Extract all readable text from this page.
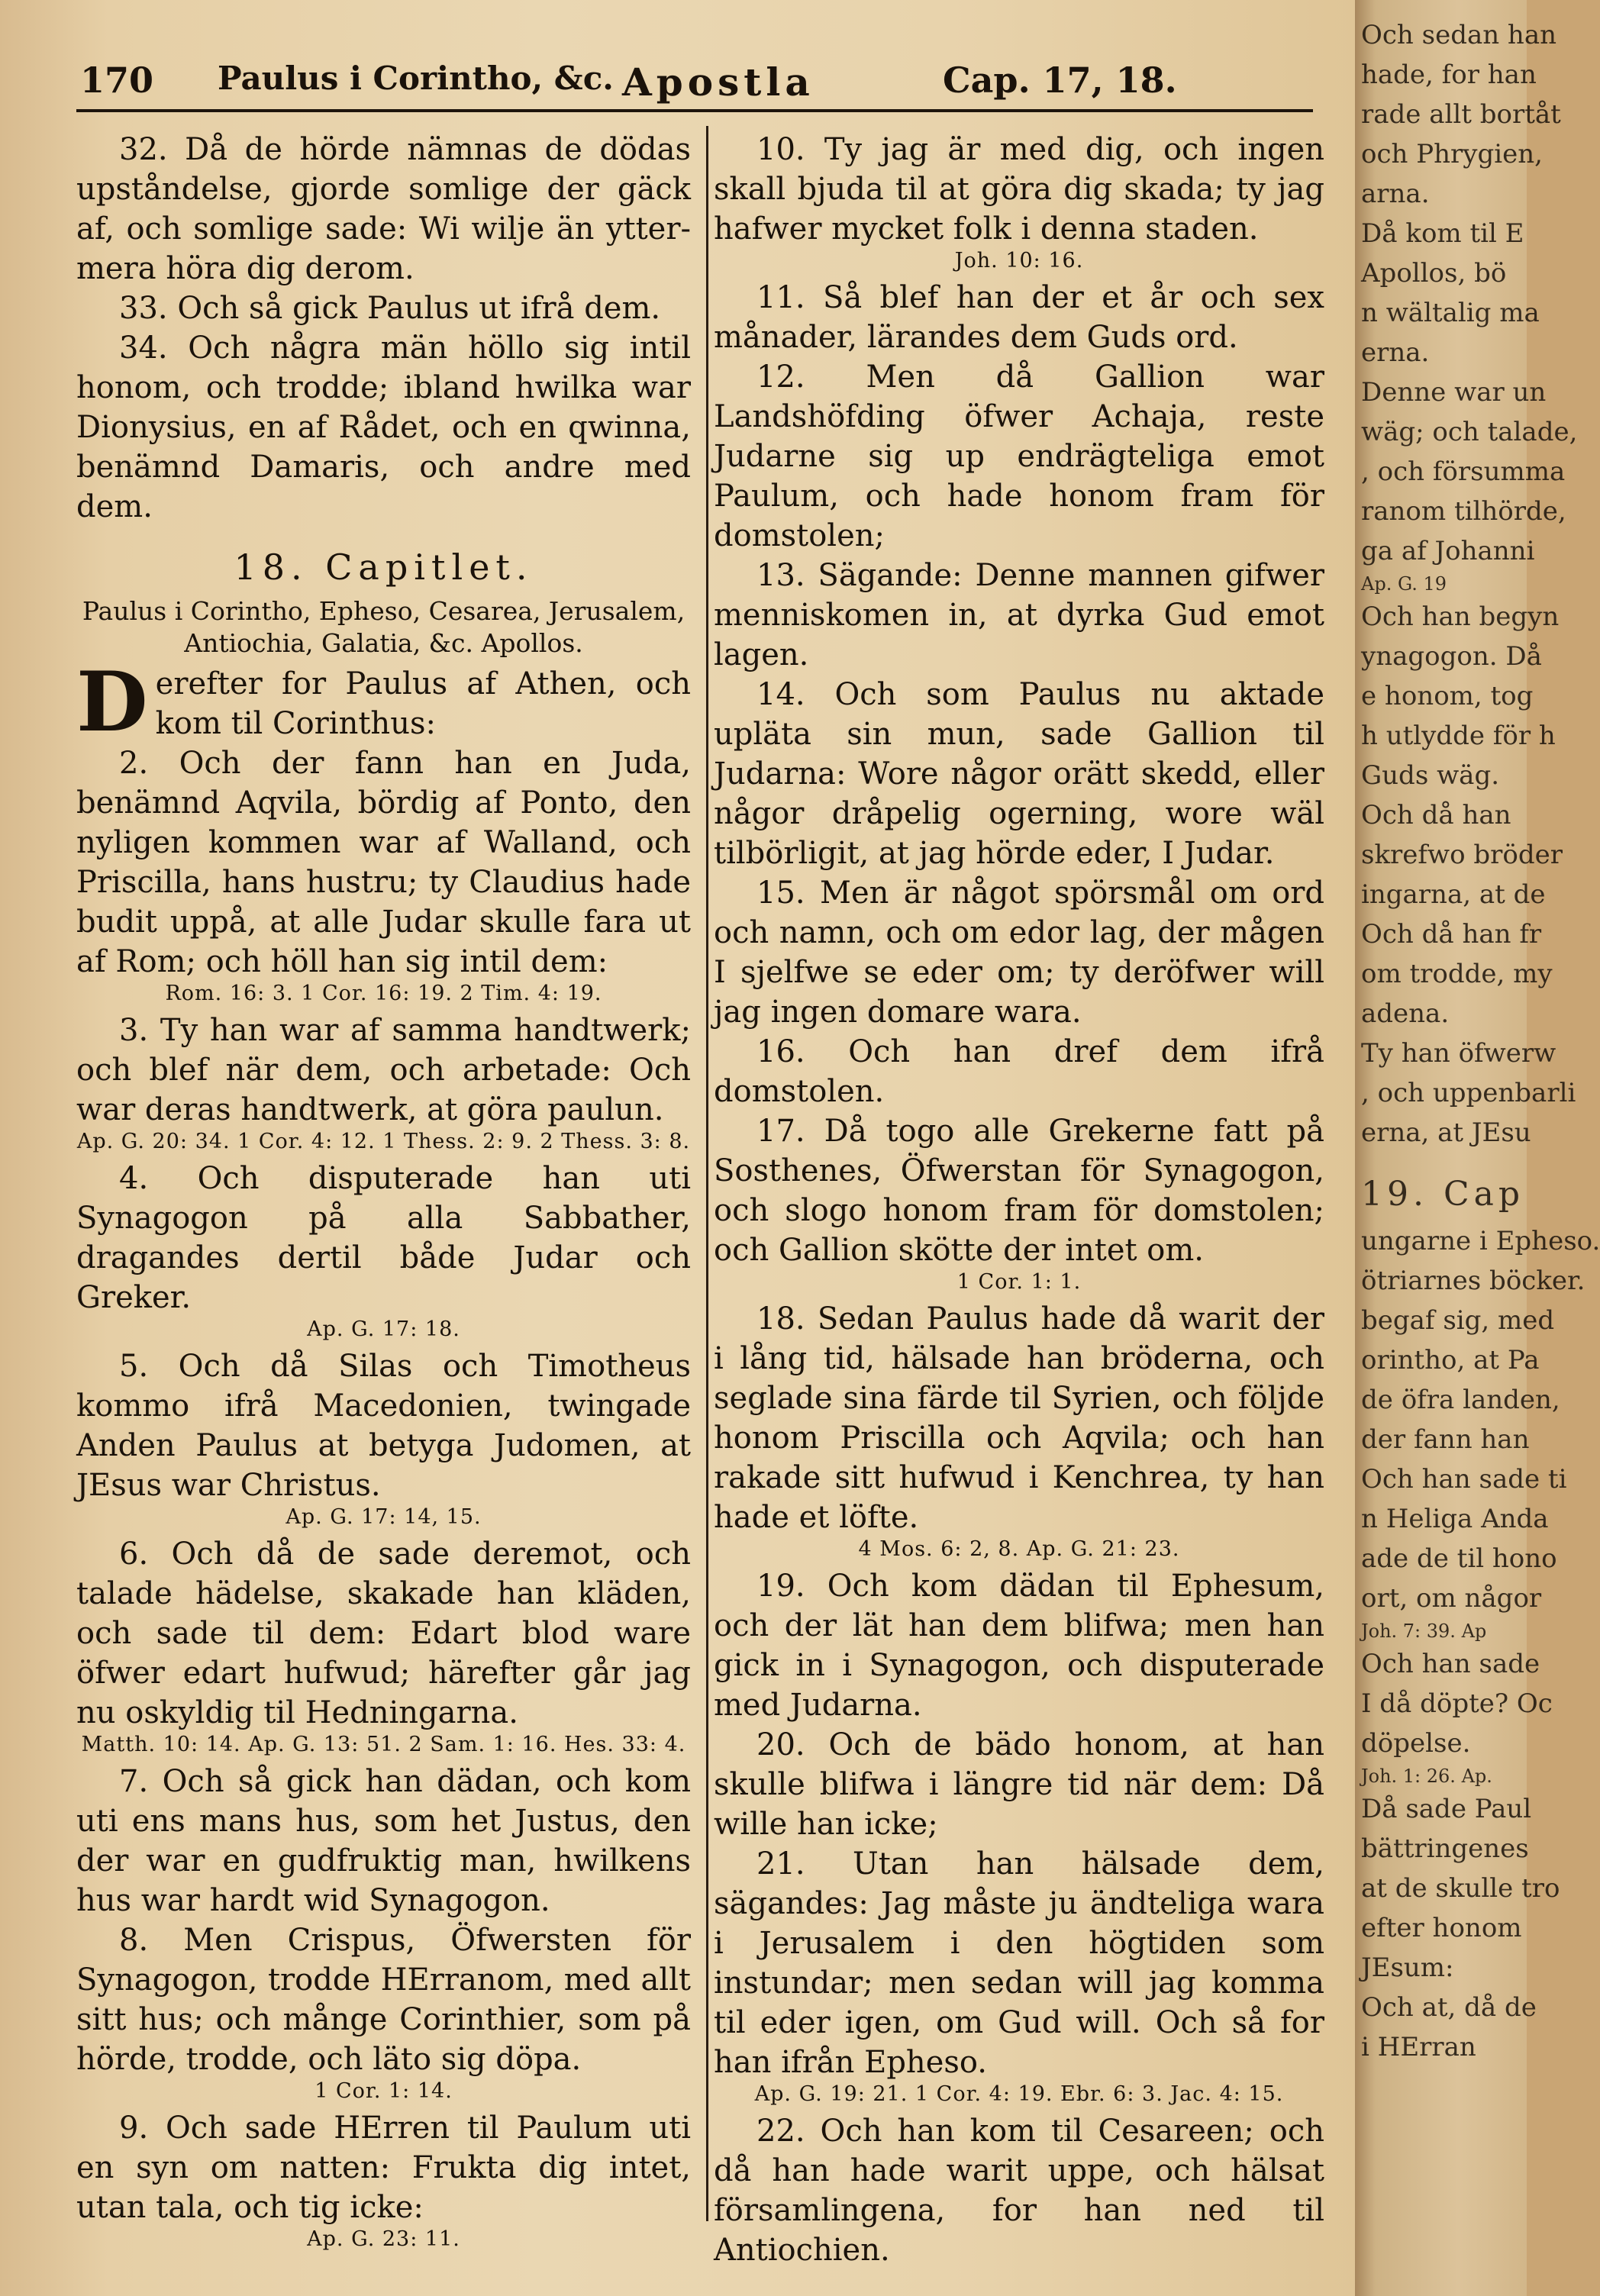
170 Paulus i Corintho, &c. Apostla	Cap. 17, 18.

32. Då de hörde nämnas de dödas upståndelse, gjorde somlige der gäck af, och somlige sade: Wi wilje än ytter-mera höra dig derom.

33. Och så gick Paulus ut ifrå dem.

34. Och några män höllo sig intil honom, och trodde; ibland hwilka war Dionysius, en af Rådet, och en qwinna, benämnd Damaris, och andre med dem.

18. Capitlet.
Paulus i Corintho, Epheso, Cesarea, Jerusalem, Antiochia, Galatia, &c. Apollos.

Derefter for Paulus af Athen, och kom til Corinthus:

2. Och der fann han en Juda, benämnd Aqvila, bördig af Ponto, den nyligen kommen war af Walland, och Priscilla, hans hustru; ty Claudius hade budit uppå, at alle Judar skulle fara ut af Rom; och höll han sig intil dem:

Rom. 16: 3. 1 Cor. 16: 19. 2 Tim. 4: 19.

3. Ty han war af samma handtwerk; och blef när dem, och arbetade: Och war deras handtwerk, at göra paulun.

Ap. G. 20: 34. 1 Cor. 4: 12. 1 Thess. 2: 9. 2 Thess. 3: 8.

4. Och disputerade han uti Synagogon på alla Sabbather, dragandes dertil både Judar och Greker.

Ap. G. 17: 18.

5. Och då Silas och Timotheus kommo ifrå Macedonien, twingade Anden Paulus at betyga Judomen, at JEsus war Christus.

Ap. G. 17: 14, 15.

6. Och då de sade deremot, och talade hädelse, skakade han kläden, och sade til dem: Edart blod ware öfwer edart hufwud; härefter går jag nu oskyldig til Hedningarna.

Matth. 10: 14. Ap. G. 13: 51. 2 Sam. 1: 16. Hes. 33: 4.

7. Och så gick han dädan, och kom uti ens mans hus, som het Justus, den der war en gudfruktig man, hwilkens hus war hardt wid Synagogon.

8. Men Crispus, Öfwersten för Synagogon, trodde HErranom, med allt sitt hus; och månge Corinthier, som på hörde, trodde, och läto sig döpa.

1 Cor. 1: 14.

9. Och sade HErren til Paulum uti en syn om natten: Frukta dig intet, utan tala, och tig icke:

Ap. G. 23: 11.

10. Ty jag är med dig, och ingen skall bjuda til at göra dig skada; ty jag hafwer mycket folk i denna staden.

Joh. 10: 16.

11. Så blef han der et år och sex månader, lärandes dem Guds ord.

12. Men då Gallion war Landshöfding öfwer Achaja, reste Judarne sig up endrägteliga emot Paulum, och hade honom fram för domstolen;

13. Sägande: Denne mannen gifwer menniskomen in, at dyrka Gud emot lagen.

14. Och som Paulus nu aktade upläta sin mun, sade Gallion til Judarna: Wore någor orätt skedd, eller någor dråpelig ogerning, wore wäl tilbörligit, at jag hörde eder, I Judar.

15. Men är något spörsmål om ord och namn, och om edor lag, der mågen I sjelfwe se eder om; ty deröfwer will jag ingen domare wara.

16. Och han dref dem ifrå domstolen.

17. Då togo alle Grekerne fatt på Sosthenes, Öfwerstan för Synagogon, och slogo honom fram för domstolen; och Gallion skötte der intet om.

1 Cor. 1: 1.

18. Sedan Paulus hade då warit der i lång tid, hälsade han bröderna, och seglade sina färde til Syrien, och följde honom Priscilla och Aqvila; och han rakade sitt hufwud i Kenchrea, ty han hade et löfte.

4 Mos. 6: 2, 8. Ap. G. 21: 23.

19. Och kom dädan til Ephesum, och der lät han dem blifwa; men han gick in i Synagogon, och disputerade med Judarna.

20. Och de bädo honom, at han skulle blifwa i längre tid när dem: Då wille han icke;

21. Utan han hälsade dem, sägandes: Jag måste ju ändteliga wara i Jerusalem i den högtiden som instundar; men sedan will jag komma til eder igen, om Gud will. Och så for han ifrån Epheso.

Ap. G. 19: 21. 1 Cor. 4: 19. Ebr. 6: 3. Jac. 4: 15.

22. Och han kom til Cesareen; och då han hade warit uppe, och hälsat församlingena, for han ned til Antiochien.

Och sedan han
hade, for han
rade allt bortåt
och Phrygien,
arna.
Då kom til E
Apollos, bö
n wältalig ma
erna.
Denne war un
wäg; och talade,
, och försumma
ranom tilhörde,
ga af Johanni
Ap. G. 19
Och han begyn
ynagogon. Då
e honom, tog
h utlydde för h
Guds wäg.
Och då han
skrefwo bröder
ingarna, at de
Och då han fr
om trodde, my
adena.
Ty han öfwerw
, och uppenbarli
erna, at JEsu
19. Cap
ungarne i Epheso.
ötriarnes böcker.
begaf sig, med
orintho, at Pa
de öfra landen,
der fann han
Och han sade ti
n Heliga Anda
ade de til hono
ort, om någor
Joh. 7: 39. Ap
Och han sade
I då döpte? Oc
döpelse.
Joh. 1: 26. Ap.
Då sade Paul
bättringenes
at de skulle tro
efter honom
JEsum:
Och at, då de
i HErran
